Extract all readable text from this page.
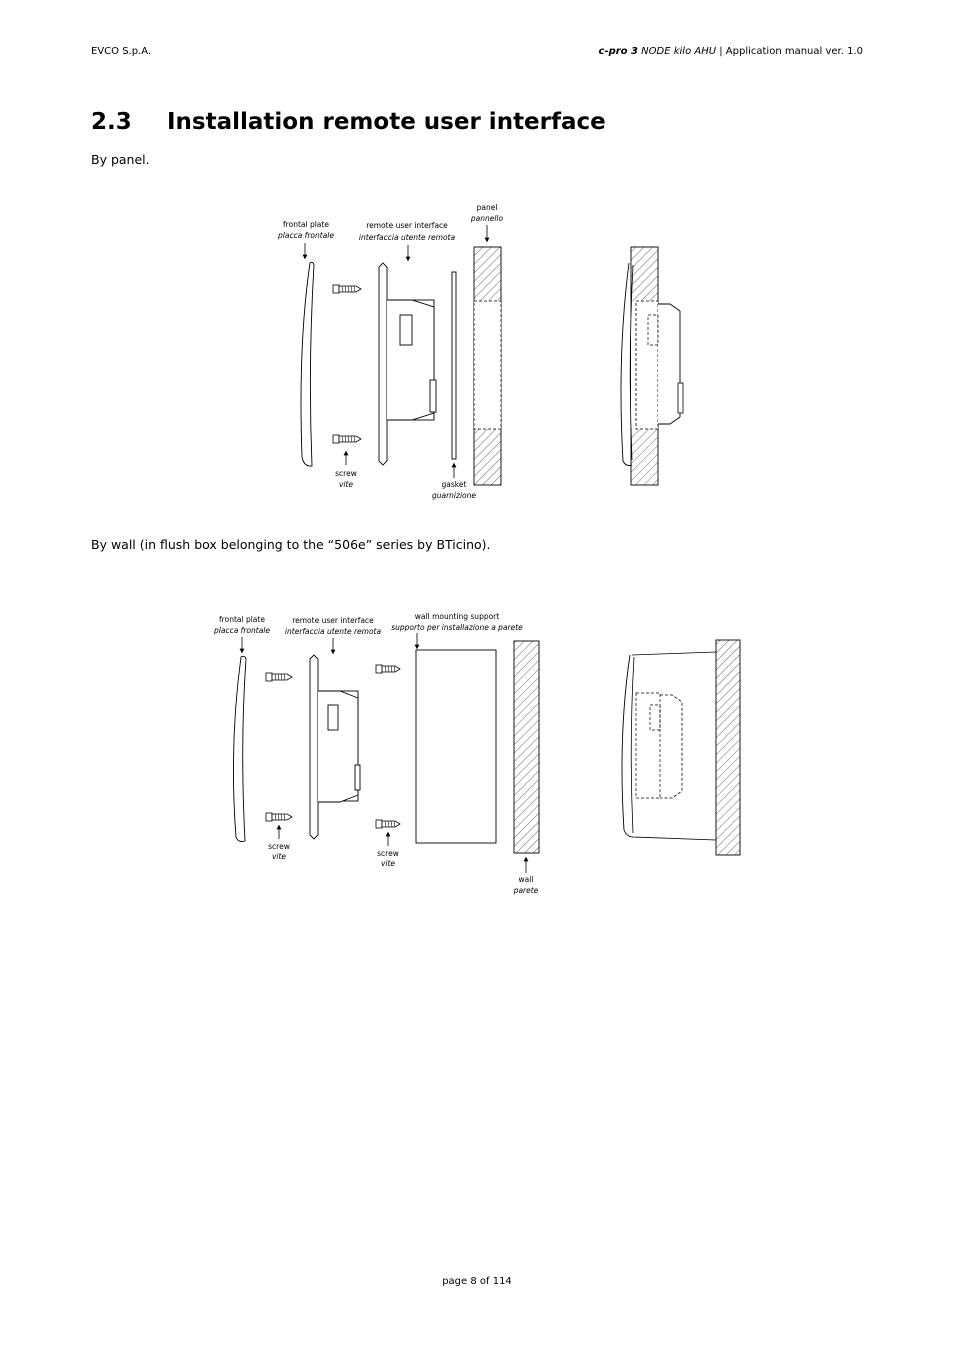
EVCO S.p.A.	c-pro 3 NODE kilo AHU | Application manual ver. 1.0
2.3 Installation remote user interface
By panel.
frontal plate
placca frontale
remote user interface
interfaccia utente remota
panel
pannello
screw
vite	gasket
guarnizione
By wall (in flush box belonging to the “506e” series by BTicino).
frontal plate
placca frontale
remote user interface
interfaccia utente remota
wall mounting support
supporto per installazione a parete
screw
vite	screw
vite
wall
parete
page 8 of 114
